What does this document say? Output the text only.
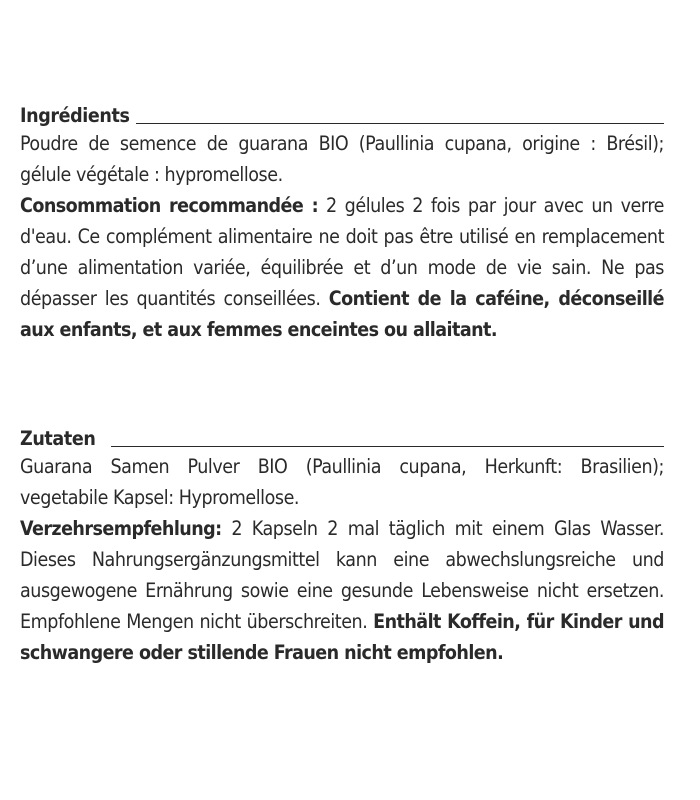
Ingrédients

Poudre de semence de guarana BIO (Paullinia cupana, origine : Brésil); gélule végétale : hypromellose.

Consommation recommandée : 2 gélules 2 fois par jour avec un verre d'eau. Ce complément alimentaire ne doit pas être utilisé en remplacement d’une alimentation variée, équilibrée et d’un mode de vie sain. Ne pas dépasser les quantités conseillées. Contient de la caféine, déconseillé aux enfants, et aux femmes enceintes ou allaitant.

Zutaten

Guarana Samen Pulver BIO (Paullinia cupana, Herkunft: Brasilien); vegetabile Kapsel: Hypromellose.

Verzehrsempfehlung: 2 Kapseln 2 mal täglich mit einem Glas Wasser. Dieses Nahrungsergänzungsmittel kann eine abwechslungsreiche und ausgewogene Ernährung sowie eine gesunde Lebensweise nicht ersetzen. Empfohlene Mengen nicht überschreiten. Enthält Koffein, für Kinder und schwangere oder stillende Frauen nicht empfohlen.
